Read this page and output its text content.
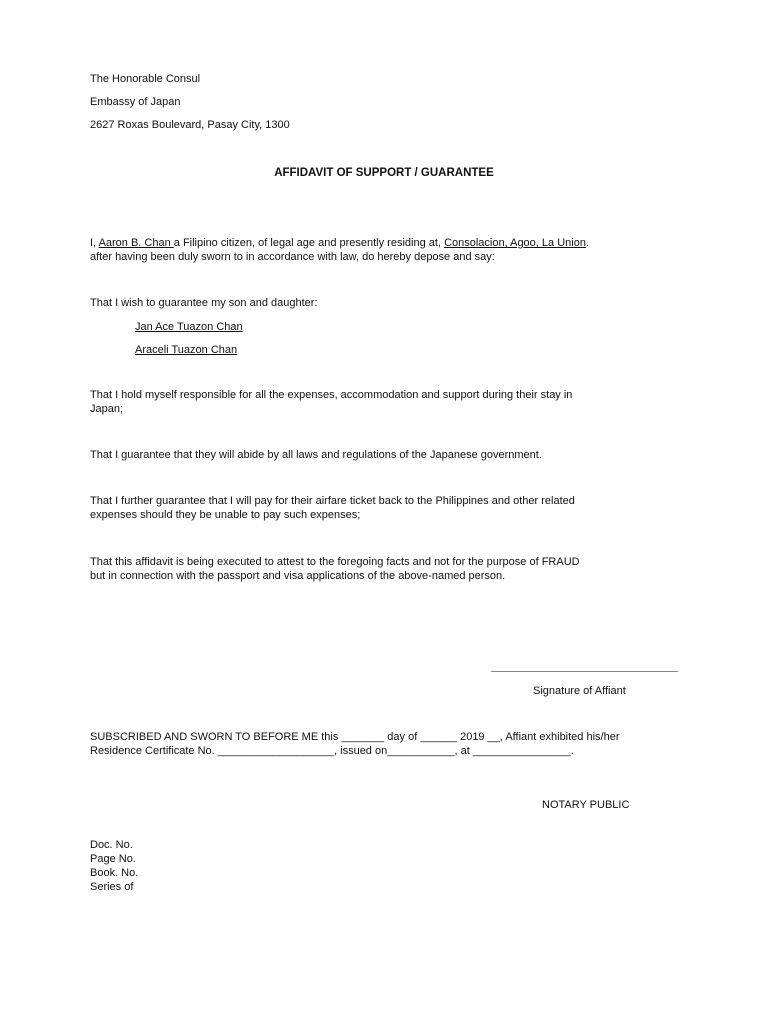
The Honorable Consul
Embassy of Japan
2627 Roxas Boulevard, Pasay City, 1300
AFFIDAVIT OF SUPPORT / GUARANTEE
I, Aaron B. Chan a Filipino citizen, of legal age and presently residing at, Consolacion, Agoo, La Union.
after having been duly sworn to in accordance with law, do hereby depose and say:
That I wish to guarantee my son and daughter:
Jan Ace Tuazon Chan
Araceli Tuazon Chan
That I hold myself responsible for all the expenses, accommodation and support during their stay in
Japan;
That I guarantee that they will abide by all laws and regulations of the Japanese government.
That I further guarantee that I will pay for their airfare ticket back to the Philippines and other related
expenses should they be unable to pay such expenses;
That this affidavit is being executed to attest to the foregoing facts and not for the purpose of FRAUD
but in connection with the passport and visa applications of the above-named person.
Signature of Affiant
SUBSCRIBED AND SWORN TO BEFORE ME this _______ day of ______ 2019 __, Affiant exhibited his/her
Residence Certificate No. ___________________, issued on___________, at ________________.
NOTARY PUBLIC
Doc. No.
Page No.
Book. No.
Series of
